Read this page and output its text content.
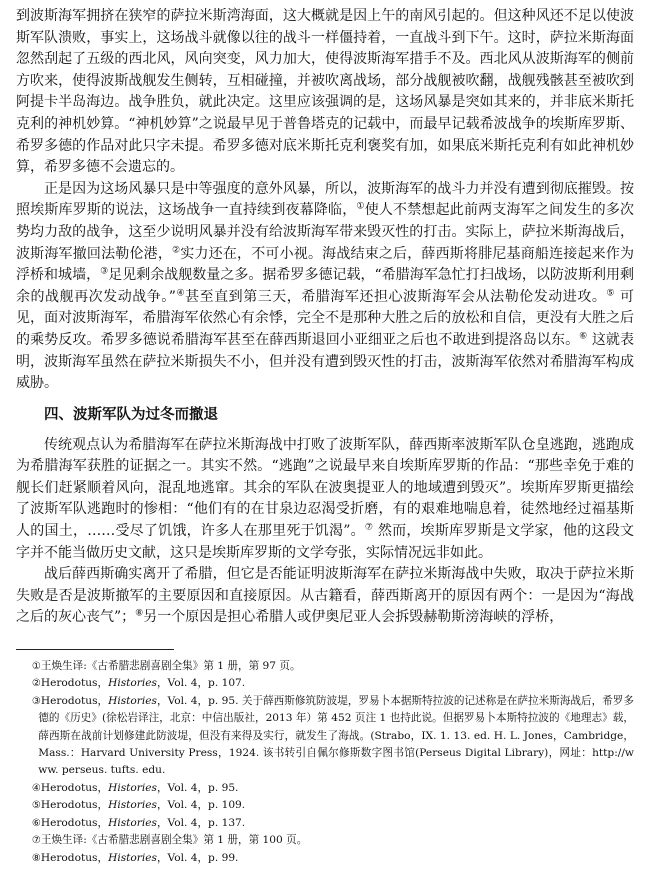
到波斯海军拥挤在狭窄的萨拉米斯湾海面，这大概就是因上午的南风引起的。但这种风还不足以使波斯军队溃败，事实上，这场战斗就像以往的战斗一样僵持着，一直战斗到下午。这时，萨拉米斯海面忽然刮起了五级的西北风，风向突变，风力加大，使得波斯海军措手不及。西北风从波斯海军的侧前方吹来，使得波斯战舰发生侧转，互相碰撞，并被吹离战场，部分战舰被吹翻，战舰残骸甚至被吹到阿提卡半岛海边。战争胜负，就此决定。这里应该强调的是，这场风暴是突如其来的，并非底米斯托克利的神机妙算。“神机妙算”之说最早见于普鲁塔克的记载中，而最早记载希波战争的埃斯库罗斯、希罗多德的作品对此只字未提。希罗多德对底米斯托克利褒奖有加，如果底米斯托克利有如此神机妙算，希罗多德不会遗忘的。

正是因为这场风暴只是中等强度的意外风暴，所以，波斯海军的战斗力并没有遭到彻底摧毁。按照埃斯库罗斯的说法，这场战争一直持续到夜幕降临，①使人不禁想起此前两支海军之间发生的多次势均力敌的战争，这至少说明风暴并没有给波斯海军带来毁灭性的打击。实际上，萨拉米斯海战后，波斯海军撤回法勒伦港，②实力还在，不可小视。海战结束之后，薛西斯将腓尼基商船连接起来作为浮桥和城墙，③足见剩余战舰数量之多。据希罗多德记载，“希腊海军急忙打扫战场，以防波斯利用剩余的战舰再次发动战争。”④甚至直到第三天，希腊海军还担心波斯海军会从法勒伦发动进攻。⑤ 可见，面对波斯海军，希腊海军依然心有余悸，完全不是那种大胜之后的放松和自信，更没有大胜之后的乘势反攻。希罗多德说希腊海军甚至在薛西斯退回小亚细亚之后也不敢进到提洛岛以东。⑥ 这就表明，波斯海军虽然在萨拉米斯损失不小，但并没有遭到毁灭性的打击，波斯海军依然对希腊海军构成威胁。

四、波斯军队为过冬而撤退

传统观点认为希腊海军在萨拉米斯海战中打败了波斯军队，薛西斯率波斯军队仓皇逃跑，逃跑成为希腊海军获胜的证据之一。其实不然。“逃跑”之说最早来自埃斯库罗斯的作品：“那些幸免于难的舰长们赶紧顺着风向，混乱地逃窜。其余的军队在波奥提亚人的地域遭到毁灭”。埃斯库罗斯更描绘了波斯军队逃跑时的惨相：“他们有的在甘泉边忍渴受折磨，有的艰难地喘息着，徒然地经过福基斯人的国土，……受尽了饥饿，许多人在那里死于饥渴”。⑦ 然而，埃斯库罗斯是文学家，他的这段文字并不能当做历史文献，这只是埃斯库罗斯的文学夸张，实际情况远非如此。

战后薛西斯确实离开了希腊，但它是否能证明波斯海军在萨拉米斯海战中失败，取决于萨拉米斯失败是否是波斯撤军的主要原因和直接原因。从古籍看，薛西斯离开的原因有两个：一是因为“海战之后的灰心丧气”；⑧另一个原因是担心希腊人或伊奥尼亚人会拆毁赫勒斯滂海峡的浮桥，

①王焕生译:《古希腊悲剧喜剧全集》第 1 册，第 97 页。

②Herodotus，Histories，Vol. 4，p. 107.

③Herodotus，Histories，Vol. 4，p. 95. 关于薛西斯修筑防波堤，罗易卜本据斯特拉波的记述称是在萨拉米斯海战后，希罗多德的《历史》(徐松岩译注，北京：中信出版社，2013 年）第 452 页注 1 也持此说。但据罗易卜本斯特拉波的《地理志》载，薛西斯在战前计划修建此防波堤，但没有来得及实行，就发生了海战。(Strabo，IX. 1. 13. ed. H. L. Jones，Cambridge，Mass.：Harvard University Press，1924. 该书转引自佩尔修斯数字图书馆(Perseus Digital Library)，网址：http://www. perseus. tufts. edu.

④Herodotus，Histories，Vol. 4，p. 95.

⑤Herodotus，Histories，Vol. 4，p. 109.

⑥Herodotus，Histories，Vol. 4，p. 137.

⑦王焕生译:《古希腊悲剧喜剧全集》第 1 册，第 100 页。

⑧Herodotus，Histories，Vol. 4，p. 99.
